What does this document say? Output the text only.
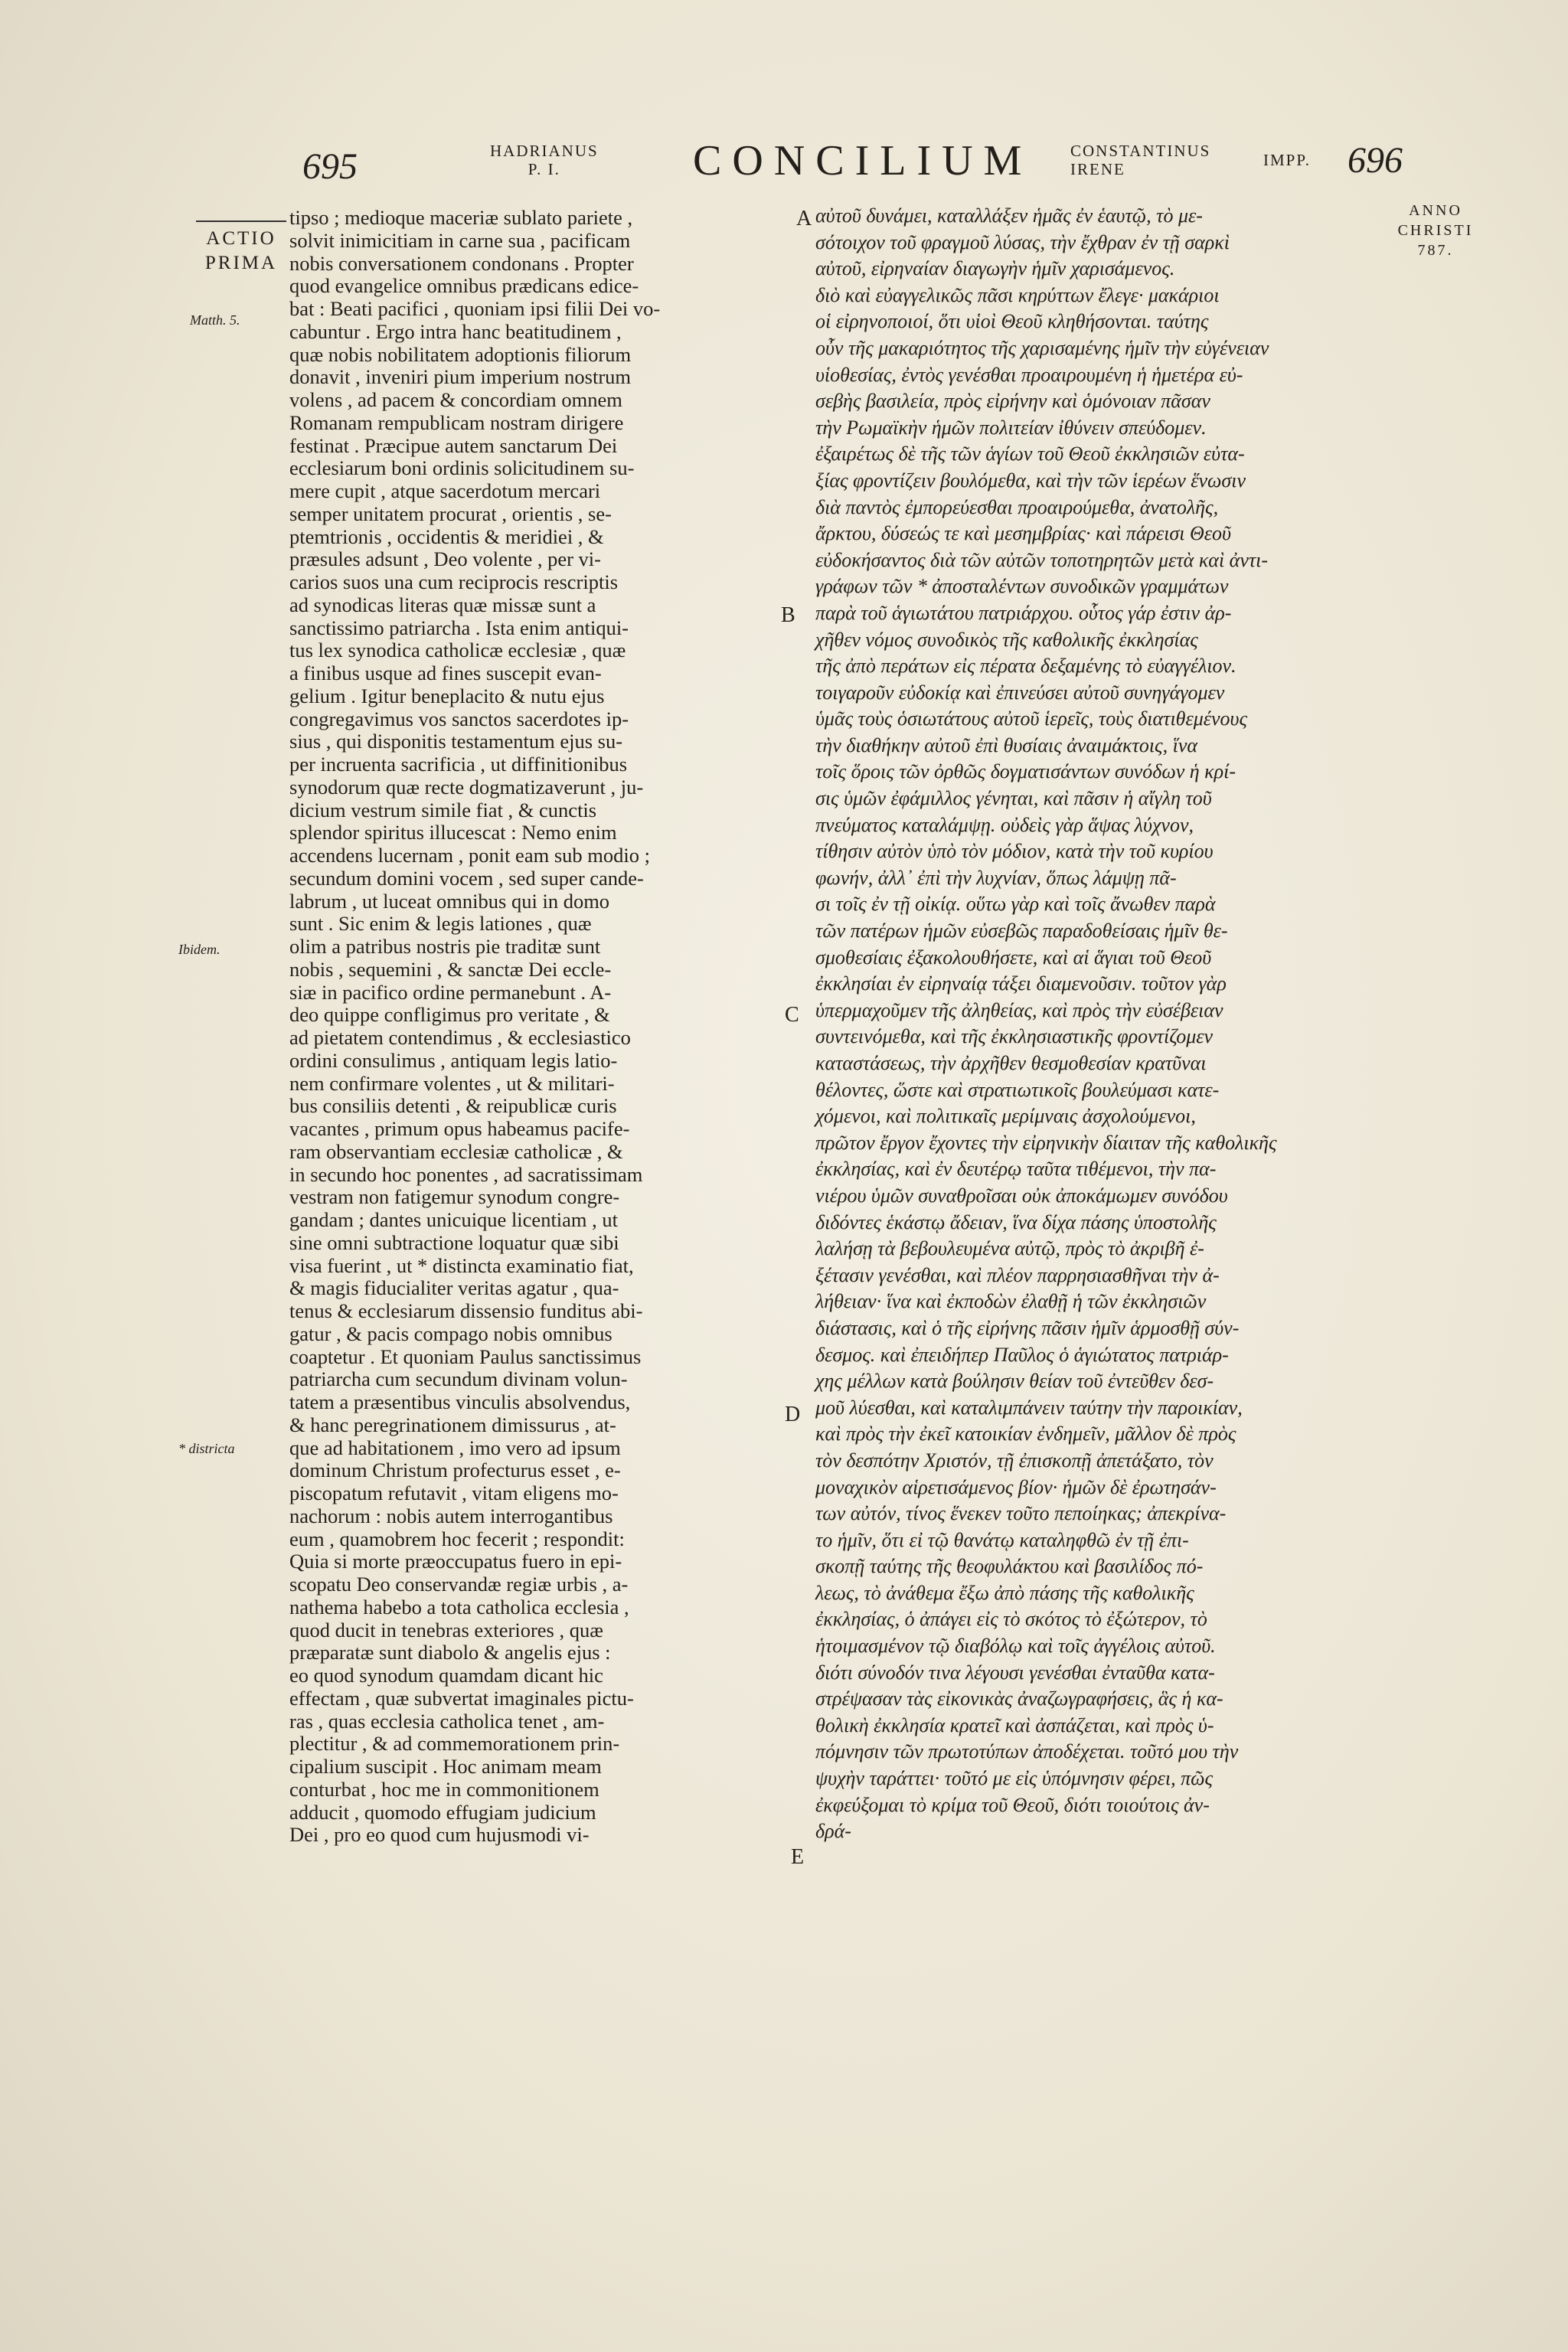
695	HADRIANUS
P. I.	CONCILIUM CONSTANTINUS
IRENE	IMPP. 696
ACTIO
PRIMA
ANNO
CHRISTI
787.
Matth. 5.
Ibidem.
* districta
tipso ; medioque maceriæ sublato pariete ,
solvit inimicitiam in carne sua , pacificam
nobis conversationem condonans . Propter
quod evangelice omnibus prædicans edice-
bat : Beati pacifici , quoniam ipsi filii Dei vo-
cabuntur . Ergo intra hanc beatitudinem ,
quæ nobis nobilitatem adoptionis filiorum
donavit , inveniri pium imperium nostrum
volens , ad pacem & concordiam omnem
Romanam rempublicam nostram dirigere
festinat . Præcipue autem sanctarum Dei
ecclesiarum boni ordinis solicitudinem su-
mere cupit , atque sacerdotum mercari
semper unitatem procurat , orientis , se-
ptemtrionis , occidentis & meridiei , &
præsules adsunt , Deo volente , per vi-
carios suos una cum reciprocis rescriptis
ad synodicas literas quæ missæ sunt a
sanctissimo patriarcha . Ista enim antiqui-
tus lex synodica catholicæ ecclesiæ , quæ
a finibus usque ad fines suscepit evan-
gelium . Igitur beneplacito & nutu ejus
congregavimus vos sanctos sacerdotes ip-
sius , qui disponitis testamentum ejus su-
per incruenta sacrificia , ut diffinitionibus
synodorum quæ recte dogmatizaverunt , ju-
dicium vestrum simile fiat , & cunctis
splendor spiritus illucescat : Nemo enim
accendens lucernam , ponit eam sub modio ;
secundum domini vocem , sed super cande-
labrum , ut luceat omnibus qui in domo
sunt . Sic enim & legis lationes , quæ
olim a patribus nostris pie traditæ sunt
nobis , sequemini , & sanctæ Dei eccle-
siæ in pacifico ordine permanebunt . A-
deo quippe confligimus pro veritate , &
ad pietatem contendimus , & ecclesiastico
ordini consulimus , antiquam legis latio-
nem confirmare volentes , ut & militari-
bus consiliis detenti , & reipublicæ curis
vacantes , primum opus habeamus pacife-
ram observantiam ecclesiæ catholicæ , &
in secundo hoc ponentes , ad sacratissimam
vestram non fatigemur synodum congre-
gandam ; dantes unicuique licentiam , ut
sine omni subtractione loquatur quæ sibi
visa fuerint , ut * distincta examinatio fiat,
& magis fiducialiter veritas agatur , qua-
tenus & ecclesiarum dissensio funditus abi-
gatur , & pacis compago nobis omnibus
coaptetur . Et quoniam Paulus sanctissimus
patriarcha cum secundum divinam volun-
tatem a præsentibus vinculis absolvendus,
& hanc peregrinationem dimissurus , at-
que ad habitationem , imo vero ad ipsum
dominum Christum profecturus esset , e-
piscopatum refutavit , vitam eligens mo-
nachorum : nobis autem interrogantibus
eum , quamobrem hoc fecerit ; respondit:
Quia si morte præoccupatus fuero in epi-
scopatu Deo conservandæ regiæ urbis , a-
nathema habebo a tota catholica ecclesia ,
quod ducit in tenebras exteriores , quæ
præparatæ sunt diabolo & angelis ejus :
eo quod synodum quamdam dicant hic
effectam , quæ subvertat imaginales pictu-
ras , quas ecclesia catholica tenet , am-
plectitur , & ad commemorationem prin-
cipalium suscipit . Hoc animam meam
conturbat , hoc me in commonitionem
adducit , quomodo effugiam judicium
Dei , pro eo quod cum hujusmodi vi-
αὐτοῦ δυνάμει, καταλλάξεν ἡμᾶς ἐν ἑαυτῷ, τὸ με-
σότοιχον τοῦ φραγμοῦ λύσας, τὴν ἔχθραν ἐν τῇ σαρκὶ
αὐτοῦ, εἰρηναίαν διαγωγὴν ἡμῖν χαρισάμενος.
διὸ καὶ εὐαγγελικῶς πᾶσι κηρύττων ἔλεγε· μακάριοι
οἱ εἰρηνοποιοί, ὅτι υἱοὶ Θεοῦ κληθήσονται. ταύτης
οὖν τῆς μακαριότητος τῆς χαρισαμένης ἡμῖν τὴν εὐγένειαν
υἱοθεσίας, ἐντὸς γενέσθαι προαιρουμένη ἡ ἡμετέρα εὐ-
σεβὴς βασιλεία, πρὸς εἰρήνην καὶ ὁμόνοιαν πᾶσαν
τὴν Ρωμαϊκὴν ἡμῶν πολιτείαν ἰθύνειν σπεύδομεν.
ἐξαιρέτως δὲ τῆς τῶν ἁγίων τοῦ Θεοῦ ἐκκλησιῶν εὐτα-
ξίας φροντίζειν βουλόμεθα, καὶ τὴν τῶν ἱερέων ἕνωσιν
διὰ παντὸς ἐμπορεύεσθαι προαιρούμεθα, ἀνατολῆς,
ἄρκτου, δύσεώς τε καὶ μεσημβρίας· καὶ πάρεισι Θεοῦ
εὐδοκήσαντος διὰ τῶν αὐτῶν τοποτηρητῶν μετὰ καὶ ἀντι-
γράφων τῶν * ἀποσταλέντων συνοδικῶν γραμμάτων
παρὰ τοῦ ἁγιωτάτου πατριάρχου. οὗτος γάρ ἐστιν ἀρ-
χῆθεν νόμος συνοδικὸς τῆς καθολικῆς ἐκκλησίας
τῆς ἀπὸ περάτων εἰς πέρατα δεξαμένης τὸ εὐαγγέλιον.
τοιγαροῦν εὐδοκίᾳ καὶ ἐπινεύσει αὐτοῦ συνηγάγομεν
ὑμᾶς τοὺς ὁσιωτάτους αὐτοῦ ἱερεῖς, τοὺς διατιθεμένους
τὴν διαθήκην αὐτοῦ ἐπὶ θυσίαις ἀναιμάκτοις, ἵνα
τοῖς ὅροις τῶν ὀρθῶς δογματισάντων συνόδων ἡ κρί-
σις ὑμῶν ἐφάμιλλος γένηται, καὶ πᾶσιν ἡ αἴγλη τοῦ
πνεύματος καταλάμψῃ. οὐδεὶς γὰρ ἅψας λύχνον,
τίθησιν αὐτὸν ὑπὸ τὸν μόδιον, κατὰ τὴν τοῦ κυρίου
φωνήν, ἀλλ᾽ ἐπὶ τὴν λυχνίαν, ὅπως λάμψῃ πᾶ-
σι τοῖς ἐν τῇ οἰκίᾳ. οὕτω γὰρ καὶ τοῖς ἄνωθεν παρὰ
τῶν πατέρων ἡμῶν εὐσεβῶς παραδοθείσαις ἡμῖν θε-
σμοθεσίαις ἐξακολουθήσετε, καὶ αἱ ἅγιαι τοῦ Θεοῦ
ἐκκλησίαι ἐν εἰρηναίᾳ τάξει διαμενοῦσιν. τοῦτον γὰρ
ὑπερμαχοῦμεν τῆς ἀληθείας, καὶ πρὸς τὴν εὐσέβειαν
συντεινόμεθα, καὶ τῆς ἐκκλησιαστικῆς φροντίζομεν
καταστάσεως, τὴν ἀρχῆθεν θεσμοθεσίαν κρατῦναι
θέλοντες, ὥστε καὶ στρατιωτικοῖς βουλεύμασι κατε-
χόμενοι, καὶ πολιτικαῖς μερίμναις ἀσχολούμενοι,
πρῶτον ἔργον ἔχοντες τὴν εἰρηνικὴν δίαιταν τῆς καθολικῆς
ἐκκλησίας, καὶ ἐν δευτέρῳ ταῦτα τιθέμενοι, τὴν πα-
νιέρου ὑμῶν συναθροῖσαι οὐκ ἀποκάμωμεν συνόδου
διδόντες ἑκάστῳ ἄδειαν, ἵνα δίχα πάσης ὑποστολῆς
λαλήσῃ τὰ βεβουλευμένα αὐτῷ, πρὸς τὸ ἀκριβῆ ἐ-
ξέτασιν γενέσθαι, καὶ πλέον παρρησιασθῆναι τὴν ἀ-
λήθειαν· ἵνα καὶ ἐκποδὼν ἐλαθῇ ἡ τῶν ἐκκλησιῶν
διάστασις, καὶ ὁ τῆς εἰρήνης πᾶσιν ἡμῖν ἁρμοσθῇ σύν-
δεσμος. καὶ ἐπειδήπερ Παῦλος ὁ ἁγιώτατος πατριάρ-
χης μέλλων κατὰ βούλησιν θείαν τοῦ ἐντεῦθεν δεσ-
μοῦ λύεσθαι, καὶ καταλιμπάνειν ταύτην τὴν παροικίαν,
καὶ πρὸς τὴν ἐκεῖ κατοικίαν ἐνδημεῖν, μᾶλλον δὲ πρὸς
τὸν δεσπότην Χριστόν, τῇ ἐπισκοπῇ ἀπετάξατο, τὸν
μοναχικὸν αἱρετισάμενος βίον· ἡμῶν δὲ ἐρωτησάν-
των αὐτόν, τίνος ἕνεκεν τοῦτο πεποίηκας; ἀπεκρίνα-
το ἡμῖν, ὅτι εἰ τῷ θανάτῳ καταληφθῶ ἐν τῇ ἐπι-
σκοπῇ ταύτης τῆς θεοφυλάκτου καὶ βασιλίδος πό-
λεως, τὸ ἀνάθεμα ἔξω ἀπὸ πάσης τῆς καθολικῆς
ἐκκλησίας, ὁ ἀπάγει εἰς τὸ σκότος τὸ ἐξώτερον, τὸ
ἡτοιμασμένον τῷ διαβόλῳ καὶ τοῖς ἀγγέλοις αὐτοῦ.
διότι σύνοδόν τινα λέγουσι γενέσθαι ἐνταῦθα κατα-
στρέψασαν τὰς εἰκονικὰς ἀναζωγραφήσεις, ἃς ἡ κα-
θολικὴ ἐκκλησία κρατεῖ καὶ ἀσπάζεται, καὶ πρὸς ὑ-
πόμνησιν τῶν πρωτοτύπων ἀποδέχεται. τοῦτό μου τὴν
ψυχὴν ταράττει· τοῦτό με εἰς ὑπόμνησιν φέρει, πῶς
ἐκφεύξομαι τὸ κρίμα τοῦ Θεοῦ, διότι τοιούτοις ἀν-
δρά-
A
B
C
D
E
